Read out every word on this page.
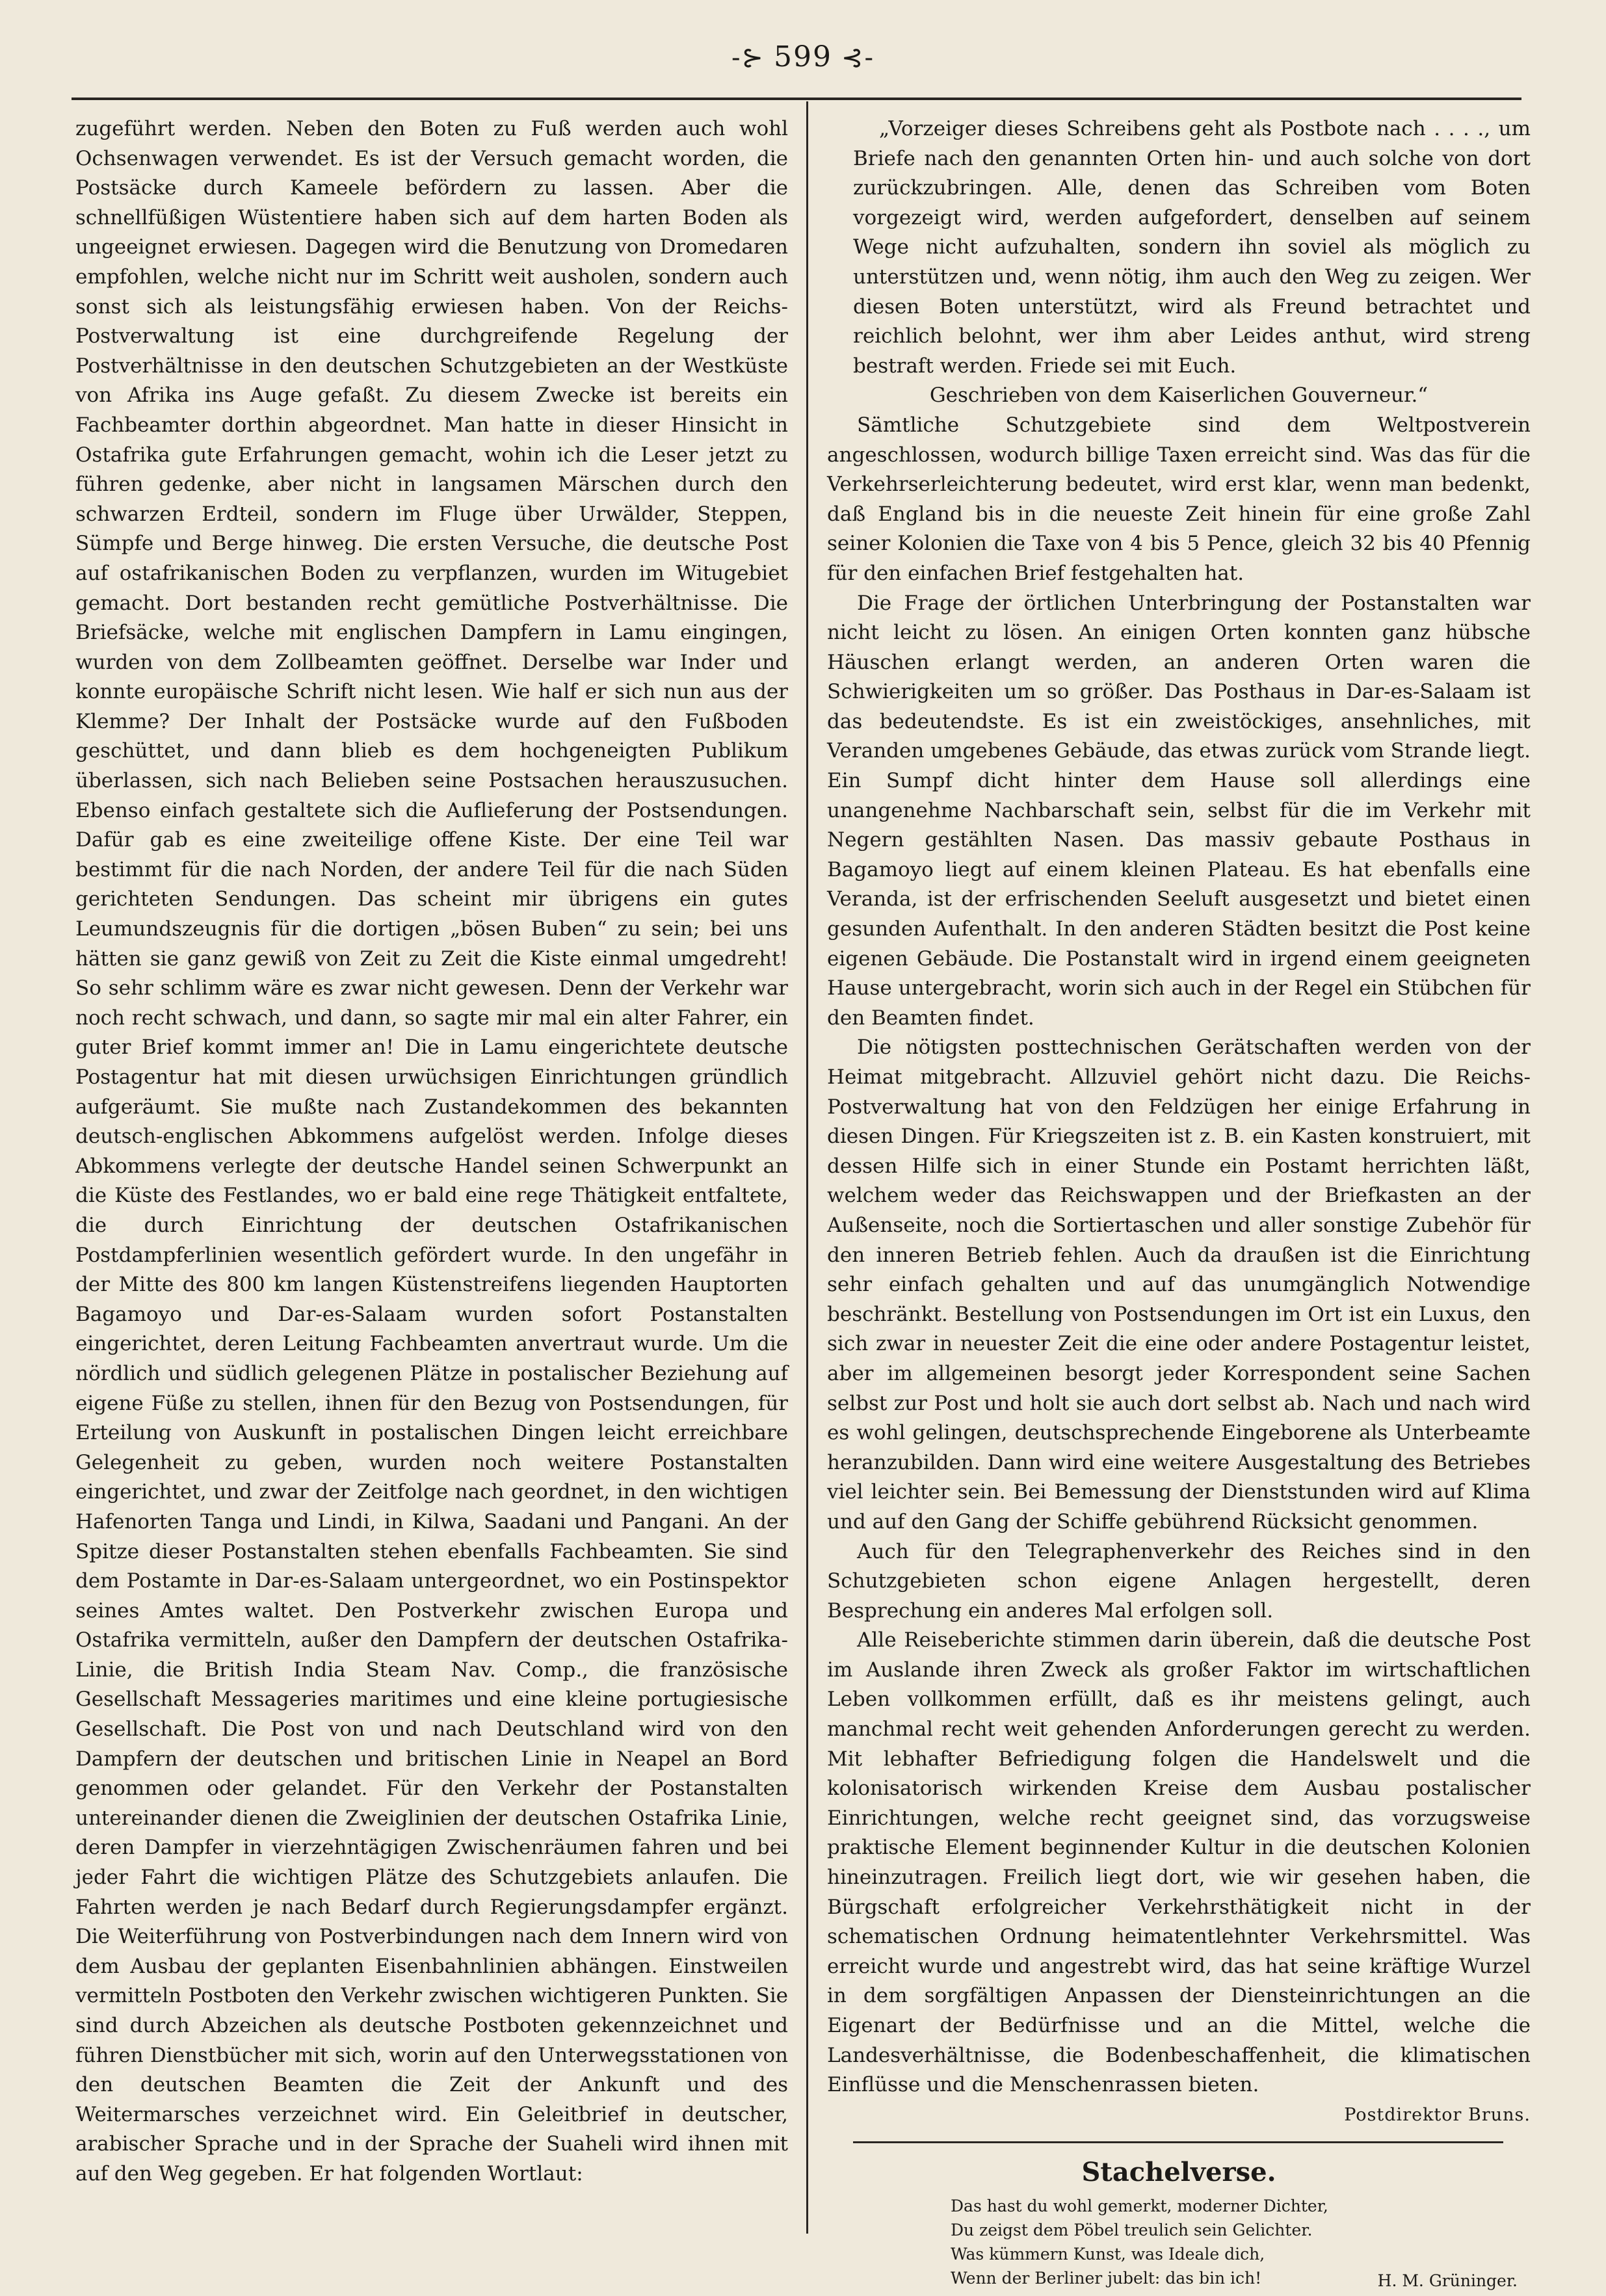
-⊱ 599 ⊰-

zugeführt werden. Neben den Boten zu Fuß werden auch wohl Ochsenwagen verwendet. Es ist der Versuch gemacht worden, die Postsäcke durch Kameele befördern zu lassen. Aber die schnellfüßigen Wüstentiere haben sich auf dem harten Boden als ungeeignet erwiesen. Dagegen wird die Benutzung von Dromedaren empfohlen, welche nicht nur im Schritt weit ausholen, sondern auch sonst sich als leistungsfähig erwiesen haben. Von der Reichs-Postverwaltung ist eine durchgreifende Regelung der Postverhältnisse in den deutschen Schutzgebieten an der Westküste von Afrika ins Auge gefaßt. Zu diesem Zwecke ist bereits ein Fachbeamter dorthin abgeordnet. Man hatte in dieser Hinsicht in Ostafrika gute Erfahrungen gemacht, wohin ich die Leser jetzt zu führen gedenke, aber nicht in langsamen Märschen durch den schwarzen Erdteil, sondern im Fluge über Urwälder, Steppen, Sümpfe und Berge hinweg. Die ersten Versuche, die deutsche Post auf ostafrikanischen Boden zu verpflanzen, wurden im Witugebiet gemacht. Dort bestanden recht gemütliche Postverhältnisse. Die Briefsäcke, welche mit englischen Dampfern in Lamu eingingen, wurden von dem Zollbeamten geöffnet. Derselbe war Inder und konnte europäische Schrift nicht lesen. Wie half er sich nun aus der Klemme? Der Inhalt der Postsäcke wurde auf den Fußboden geschüttet, und dann blieb es dem hochgeneigten Publikum überlassen, sich nach Belieben seine Postsachen herauszusuchen. Ebenso einfach gestaltete sich die Auflieferung der Postsendungen. Dafür gab es eine zweiteilige offene Kiste. Der eine Teil war bestimmt für die nach Norden, der andere Teil für die nach Süden gerichteten Sendungen. Das scheint mir übrigens ein gutes Leumundszeugnis für die dortigen „bösen Buben“ zu sein; bei uns hätten sie ganz gewiß von Zeit zu Zeit die Kiste einmal umgedreht! So sehr schlimm wäre es zwar nicht gewesen. Denn der Verkehr war noch recht schwach, und dann, so sagte mir mal ein alter Fahrer, ein guter Brief kommt immer an! Die in Lamu eingerichtete deutsche Postagentur hat mit diesen urwüchsigen Einrichtungen gründlich aufgeräumt. Sie mußte nach Zustandekommen des bekannten deutsch-englischen Abkommens aufgelöst werden. Infolge dieses Abkommens verlegte der deutsche Handel seinen Schwerpunkt an die Küste des Festlandes, wo er bald eine rege Thätigkeit entfaltete, die durch Einrichtung der deutschen Ostafrikanischen Postdampferlinien wesentlich gefördert wurde. In den ungefähr in der Mitte des 800 km langen Küstenstreifens liegenden Hauptorten Bagamoyo und Dar-es-Salaam wurden sofort Postanstalten eingerichtet, deren Leitung Fachbeamten anvertraut wurde. Um die nördlich und südlich gelegenen Plätze in postalischer Beziehung auf eigene Füße zu stellen, ihnen für den Bezug von Postsendungen, für Erteilung von Auskunft in postalischen Dingen leicht erreichbare Gelegenheit zu geben, wurden noch weitere Postanstalten eingerichtet, und zwar der Zeitfolge nach geordnet, in den wichtigen Hafenorten Tanga und Lindi, in Kilwa, Saadani und Pangani. An der Spitze dieser Postanstalten stehen ebenfalls Fachbeamten. Sie sind dem Postamte in Dar-es-Salaam untergeordnet, wo ein Postinspektor seines Amtes waltet. Den Postverkehr zwischen Europa und Ostafrika vermitteln, außer den Dampfern der deutschen Ostafrika-Linie, die British India Steam Nav. Comp., die französische Gesellschaft Messageries maritimes und eine kleine portugiesische Gesellschaft. Die Post von und nach Deutschland wird von den Dampfern der deutschen und britischen Linie in Neapel an Bord genommen oder gelandet. Für den Verkehr der Postanstalten untereinander dienen die Zweiglinien der deutschen Ostafrika Linie, deren Dampfer in vierzehntägigen Zwischenräumen fahren und bei jeder Fahrt die wichtigen Plätze des Schutzgebiets anlaufen. Die Fahrten werden je nach Bedarf durch Regierungsdampfer ergänzt. Die Weiterführung von Postverbindungen nach dem Innern wird von dem Ausbau der geplanten Eisenbahnlinien abhängen. Einstweilen vermitteln Postboten den Verkehr zwischen wichtigeren Punkten. Sie sind durch Abzeichen als deutsche Postboten gekennzeichnet und führen Dienstbücher mit sich, worin auf den Unterwegsstationen von den deutschen Beamten die Zeit der Ankunft und des Weitermarsches verzeichnet wird. Ein Geleitbrief in deutscher, arabischer Sprache und in der Sprache der Suaheli wird ihnen mit auf den Weg gegeben. Er hat folgenden Wortlaut:

„Vorzeiger dieses Schreibens geht als Postbote nach . . . ., um Briefe nach den genannten Orten hin- und auch solche von dort zurückzubringen. Alle, denen das Schreiben vom Boten vorgezeigt wird, werden aufgefordert, denselben auf seinem Wege nicht aufzuhalten, sondern ihn soviel als möglich zu unterstützen und, wenn nötig, ihm auch den Weg zu zeigen. Wer diesen Boten unterstützt, wird als Freund betrachtet und reichlich belohnt, wer ihm aber Leides anthut, wird streng bestraft werden. Friede sei mit Euch.

Geschrieben von dem Kaiserlichen Gouverneur.“

Sämtliche Schutzgebiete sind dem Weltpostverein angeschlossen, wodurch billige Taxen erreicht sind. Was das für die Verkehrserleichterung bedeutet, wird erst klar, wenn man bedenkt, daß England bis in die neueste Zeit hinein für eine große Zahl seiner Kolonien die Taxe von 4 bis 5 Pence, gleich 32 bis 40 Pfennig für den einfachen Brief festgehalten hat.

Die Frage der örtlichen Unterbringung der Postanstalten war nicht leicht zu lösen. An einigen Orten konnten ganz hübsche Häuschen erlangt werden, an anderen Orten waren die Schwierigkeiten um so größer. Das Posthaus in Dar-es-Salaam ist das bedeutendste. Es ist ein zweistöckiges, ansehnliches, mit Veranden umgebenes Gebäude, das etwas zurück vom Strande liegt. Ein Sumpf dicht hinter dem Hause soll allerdings eine unangenehme Nachbarschaft sein, selbst für die im Verkehr mit Negern gestählten Nasen. Das massiv gebaute Posthaus in Bagamoyo liegt auf einem kleinen Plateau. Es hat ebenfalls eine Veranda, ist der erfrischenden Seeluft ausgesetzt und bietet einen gesunden Aufenthalt. In den anderen Städten besitzt die Post keine eigenen Gebäude. Die Postanstalt wird in irgend einem geeigneten Hause untergebracht, worin sich auch in der Regel ein Stübchen für den Beamten findet.

Die nötigsten posttechnischen Gerätschaften werden von der Heimat mitgebracht. Allzuviel gehört nicht dazu. Die Reichs-Postverwaltung hat von den Feldzügen her einige Erfahrung in diesen Dingen. Für Kriegszeiten ist z. B. ein Kasten konstruiert, mit dessen Hilfe sich in einer Stunde ein Postamt herrichten läßt, welchem weder das Reichswappen und der Briefkasten an der Außenseite, noch die Sortiertaschen und aller sonstige Zubehör für den inneren Betrieb fehlen. Auch da draußen ist die Einrichtung sehr einfach gehalten und auf das unumgänglich Notwendige beschränkt. Bestellung von Postsendungen im Ort ist ein Luxus, den sich zwar in neuester Zeit die eine oder andere Postagentur leistet, aber im allgemeinen besorgt jeder Korrespondent seine Sachen selbst zur Post und holt sie auch dort selbst ab. Nach und nach wird es wohl gelingen, deutschsprechende Eingeborene als Unterbeamte heranzubilden. Dann wird eine weitere Ausgestaltung des Betriebes viel leichter sein. Bei Bemessung der Dienststunden wird auf Klima und auf den Gang der Schiffe gebührend Rücksicht genommen.

Auch für den Telegraphenverkehr des Reiches sind in den Schutzgebieten schon eigene Anlagen hergestellt, deren Besprechung ein anderes Mal erfolgen soll.

Alle Reiseberichte stimmen darin überein, daß die deutsche Post im Auslande ihren Zweck als großer Faktor im wirtschaftlichen Leben vollkommen erfüllt, daß es ihr meistens gelingt, auch manchmal recht weit gehenden Anforderungen gerecht zu werden. Mit lebhafter Befriedigung folgen die Handelswelt und die kolonisatorisch wirkenden Kreise dem Ausbau postalischer Einrichtungen, welche recht geeignet sind, das vorzugsweise praktische Element beginnender Kultur in die deutschen Kolonien hineinzutragen. Freilich liegt dort, wie wir gesehen haben, die Bürgschaft erfolgreicher Verkehrsthätigkeit nicht in der schematischen Ordnung heimatentlehnter Verkehrsmittel. Was erreicht wurde und angestrebt wird, das hat seine kräftige Wurzel in dem sorgfältigen Anpassen der Diensteinrichtungen an die Eigenart der Bedürfnisse und an die Mittel, welche die Landesverhältnisse, die Bodenbeschaffenheit, die klimatischen Einflüsse und die Menschenrassen bieten.

Postdirektor Bruns.

Stachelverse.
Das hast du wohl gemerkt, moderner Dichter,
Du zeigst dem Pöbel treulich sein Gelichter.
Was kümmern Kunst, was Ideale dich,
Wenn der Berliner jubelt: das bin ich!	H. M. Grüninger.
